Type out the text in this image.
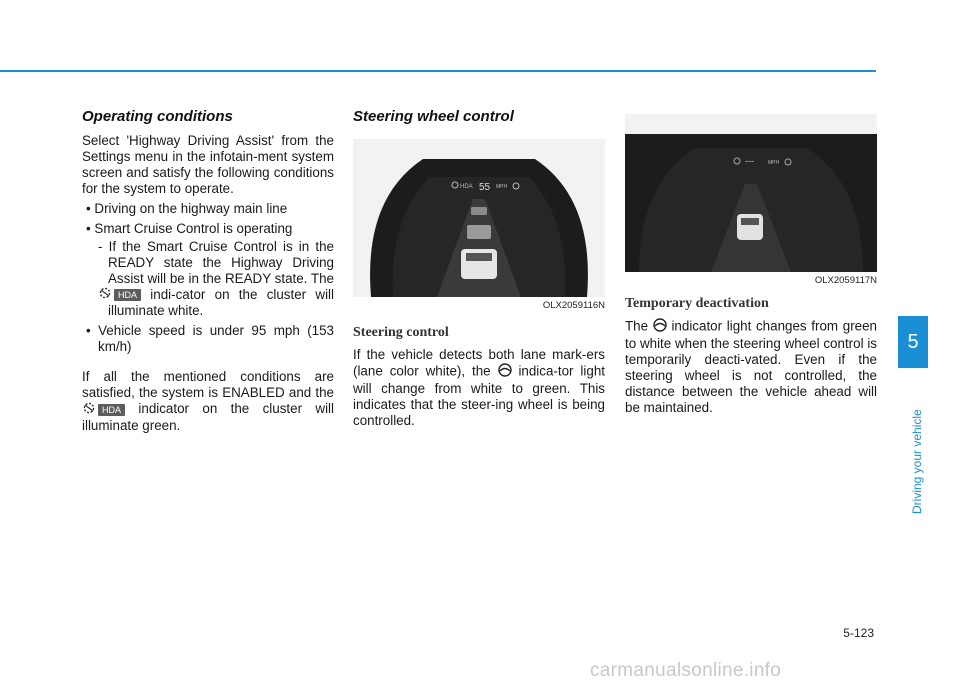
Operating conditions

Select 'Highway Driving Assist' from the Settings menu in the infotain-ment system screen and satisfy the following conditions for the system to operate.

• Driving on the highway main line
• Smart Cruise Control is operating
- If the Smart Cruise Control is in the READY state the Highway Driving Assist will be in the READY state. The HDA indi-cator on the cluster will illuminate white.
• Vehicle speed is under 95 mph (153 km/h)

If all the mentioned conditions are satisfied, the system is ENABLED and the HDA indicator on the cluster will illuminate green.

Steering wheel control
HDA 55 MPH
OLX2059116N
Steering control

If the vehicle detects both lane mark-ers (lane color white), the indica-tor light will change from white to green. This indicates that the steer-ing wheel is being controlled.

---	MPH
OLX2059117N
Temporary deactivation

The indicator light changes from green to white when the steering wheel control is temporarily deacti-vated. Even if the steering wheel is not controlled, the distance between the vehicle ahead will be maintained.

5
Driving your vehicle
5-123
carmanualsonline.info
